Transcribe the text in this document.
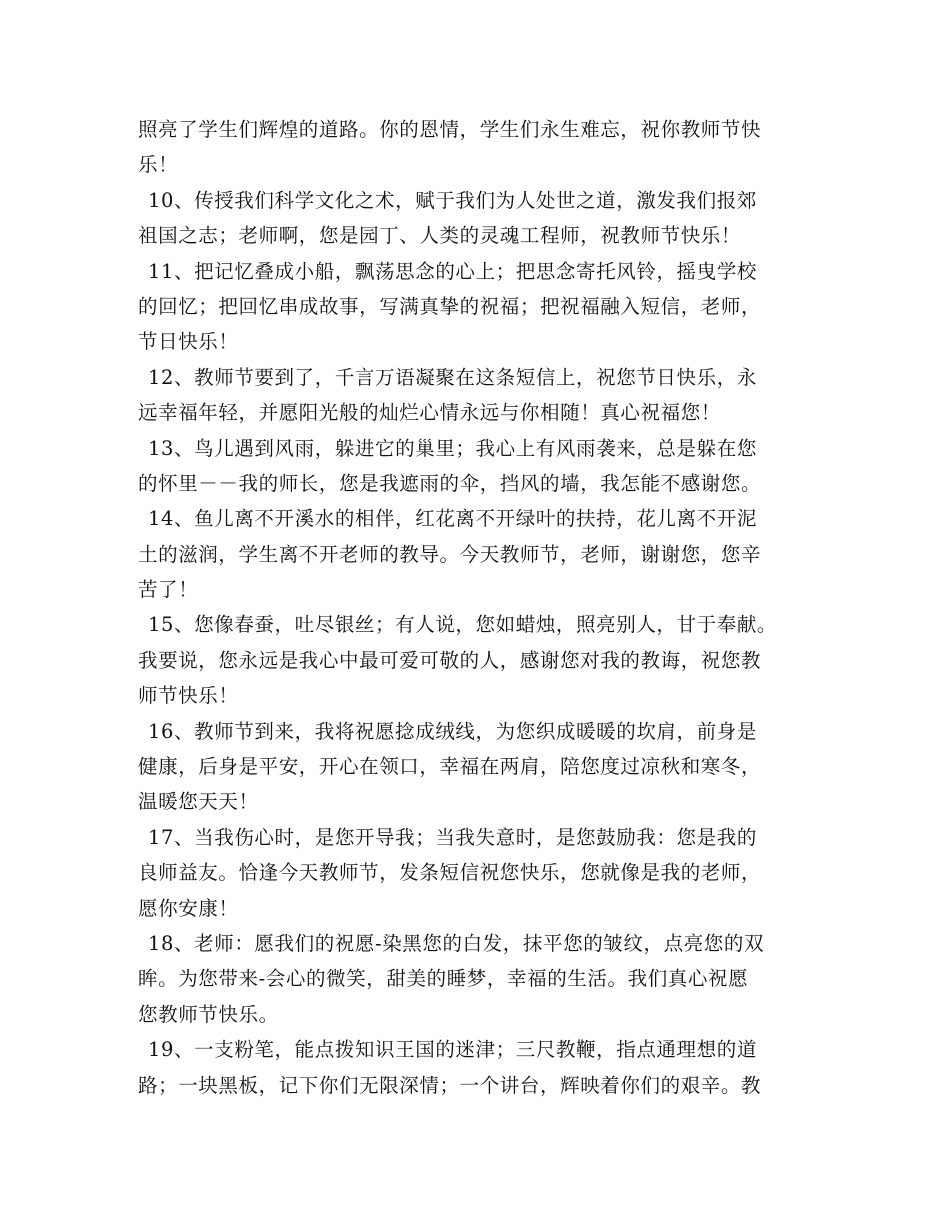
照亮了学生们辉煌的道路。你的恩情，学生们永生难忘，祝你教师节快
乐！
10、传授我们科学文化之术，赋于我们为人处世之道，激发我们报郊
祖国之志；老师啊，您是园丁、人类的灵魂工程师，祝教师节快乐！
11、把记忆叠成小船，飘荡思念的心上；把思念寄托风铃，摇曳学校
的回忆；把回忆串成故事，写满真挚的祝福；把祝福融入短信，老师，
节日快乐！
12、教师节要到了，千言万语凝聚在这条短信上，祝您节日快乐，永
远幸福年轻，并愿阳光般的灿烂心情永远与你相随！真心祝福您！
13、鸟儿遇到风雨，躲进它的巢里；我心上有风雨袭来，总是躲在您
的怀里－－我的师长，您是我遮雨的伞，挡风的墙，我怎能不感谢您。
14、鱼儿离不开溪水的相伴，红花离不开绿叶的扶持，花儿离不开泥
土的滋润，学生离不开老师的教导。今天教师节，老师，谢谢您，您辛
苦了！
15、您像春蚕，吐尽银丝；有人说，您如蜡烛，照亮别人，甘于奉献。
我要说，您永远是我心中最可爱可敬的人，感谢您对我的教诲，祝您教
师节快乐！
16、教师节到来，我将祝愿捻成绒线，为您织成暖暖的坎肩，前身是
健康，后身是平安，开心在领口，幸福在两肩，陪您度过凉秋和寒冬，
温暖您天天！
17、当我伤心时，是您开导我；当我失意时，是您鼓励我：您是我的
良师益友。恰逢今天教师节，发条短信祝您快乐，您就像是我的老师，
愿你安康！
18、老师：愿我们的祝愿-染黑您的白发，抹平您的皱纹，点亮您的双
眸。为您带来-会心的微笑，甜美的睡梦，幸福的生活。我们真心祝愿
您教师节快乐。
19、一支粉笔，能点拨知识王国的迷津；三尺教鞭，指点通理想的道
路；一块黑板，记下你们无限深情；一个讲台，辉映着你们的艰辛。教
